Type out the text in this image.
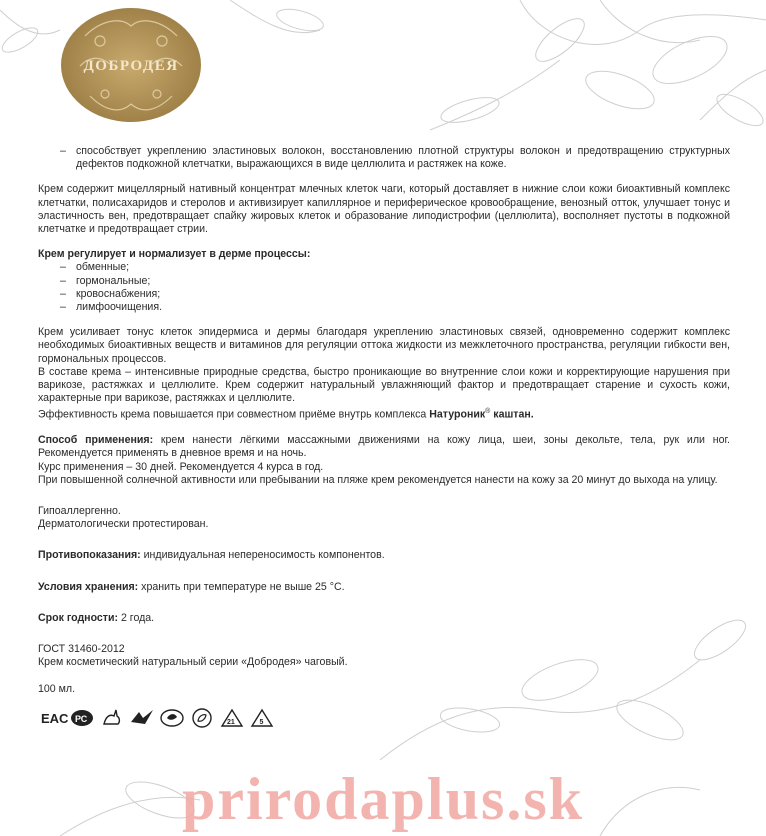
ДОБРОДЕЯ
– способствует укреплению эластиновых волокон, восстановлению плотной структуры волокон и предотвращению структурных дефектов подкожной клетчатки, выражающихся в виде целлюлита и растяжек на коже.

Крем содержит мицеллярный нативный концентрат млечных клеток чаги, который доставляет в нижние слои кожи биоактивный комплекс клетчатки, полисахаридов и стеролов и активизирует капиллярное и периферическое кровообращение, венозный отток, улучшает тонус и эластичность вен, предотвращает спайку жировых клеток и образование липодистрофии (целлюлита), восполняет пустоты в подкожной клетчатке и предотвращает стрии.

Крем регулирует и нормализует в дерме процессы:

– обменные;
– гормональные;
– кровоснабжения;
– лимфоочищения.

Крем усиливает тонус клеток эпидермиса и дермы благодаря укреплению эластиновых связей, одновременно содержит комплекс необходимых биоактивных веществ и витаминов для регуляции оттока жидкости из межклеточного пространства, регуляции гибкости вен, гормональных процессов.

В составе крема – интенсивные природные средства, быстро проникающие во внутренние слои кожи и корректирующие нарушения при варикозе, растяжках и целлюлите. Крем содержит натуральный увлажняющий фактор и предотвращает старение и сухость кожи, характерные при варикозе, растяжках и целлюлите.

Эффективность крема повышается при совместном приёме внутрь комплекса Натуроник® каштан.

Способ применения: крем нанести лёгкими массажными движениями на кожу лица, шеи, зоны декольте, тела, рук или ног. Рекомендуется применять в дневное время и на ночь.

Курс применения – 30 дней. Рекомендуется 4 курса в год.

При повышенной солнечной активности или пребывании на пляже крем рекомендуется нанести на кожу за 20 минут до выхода на улицу.

Гипоаллергенно.

Дерматологически протестирован.

Противопоказания: индивидуальная непереносимость компонентов.

Условия хранения: хранить при температуре не выше 25 °С.

Срок годности: 2 года.

ГОСТ 31460-2012

Крем косметический натуральный серии «Добродея» чаговый.

100 мл.

EAC РС	21	5
prirodaplus.sk
